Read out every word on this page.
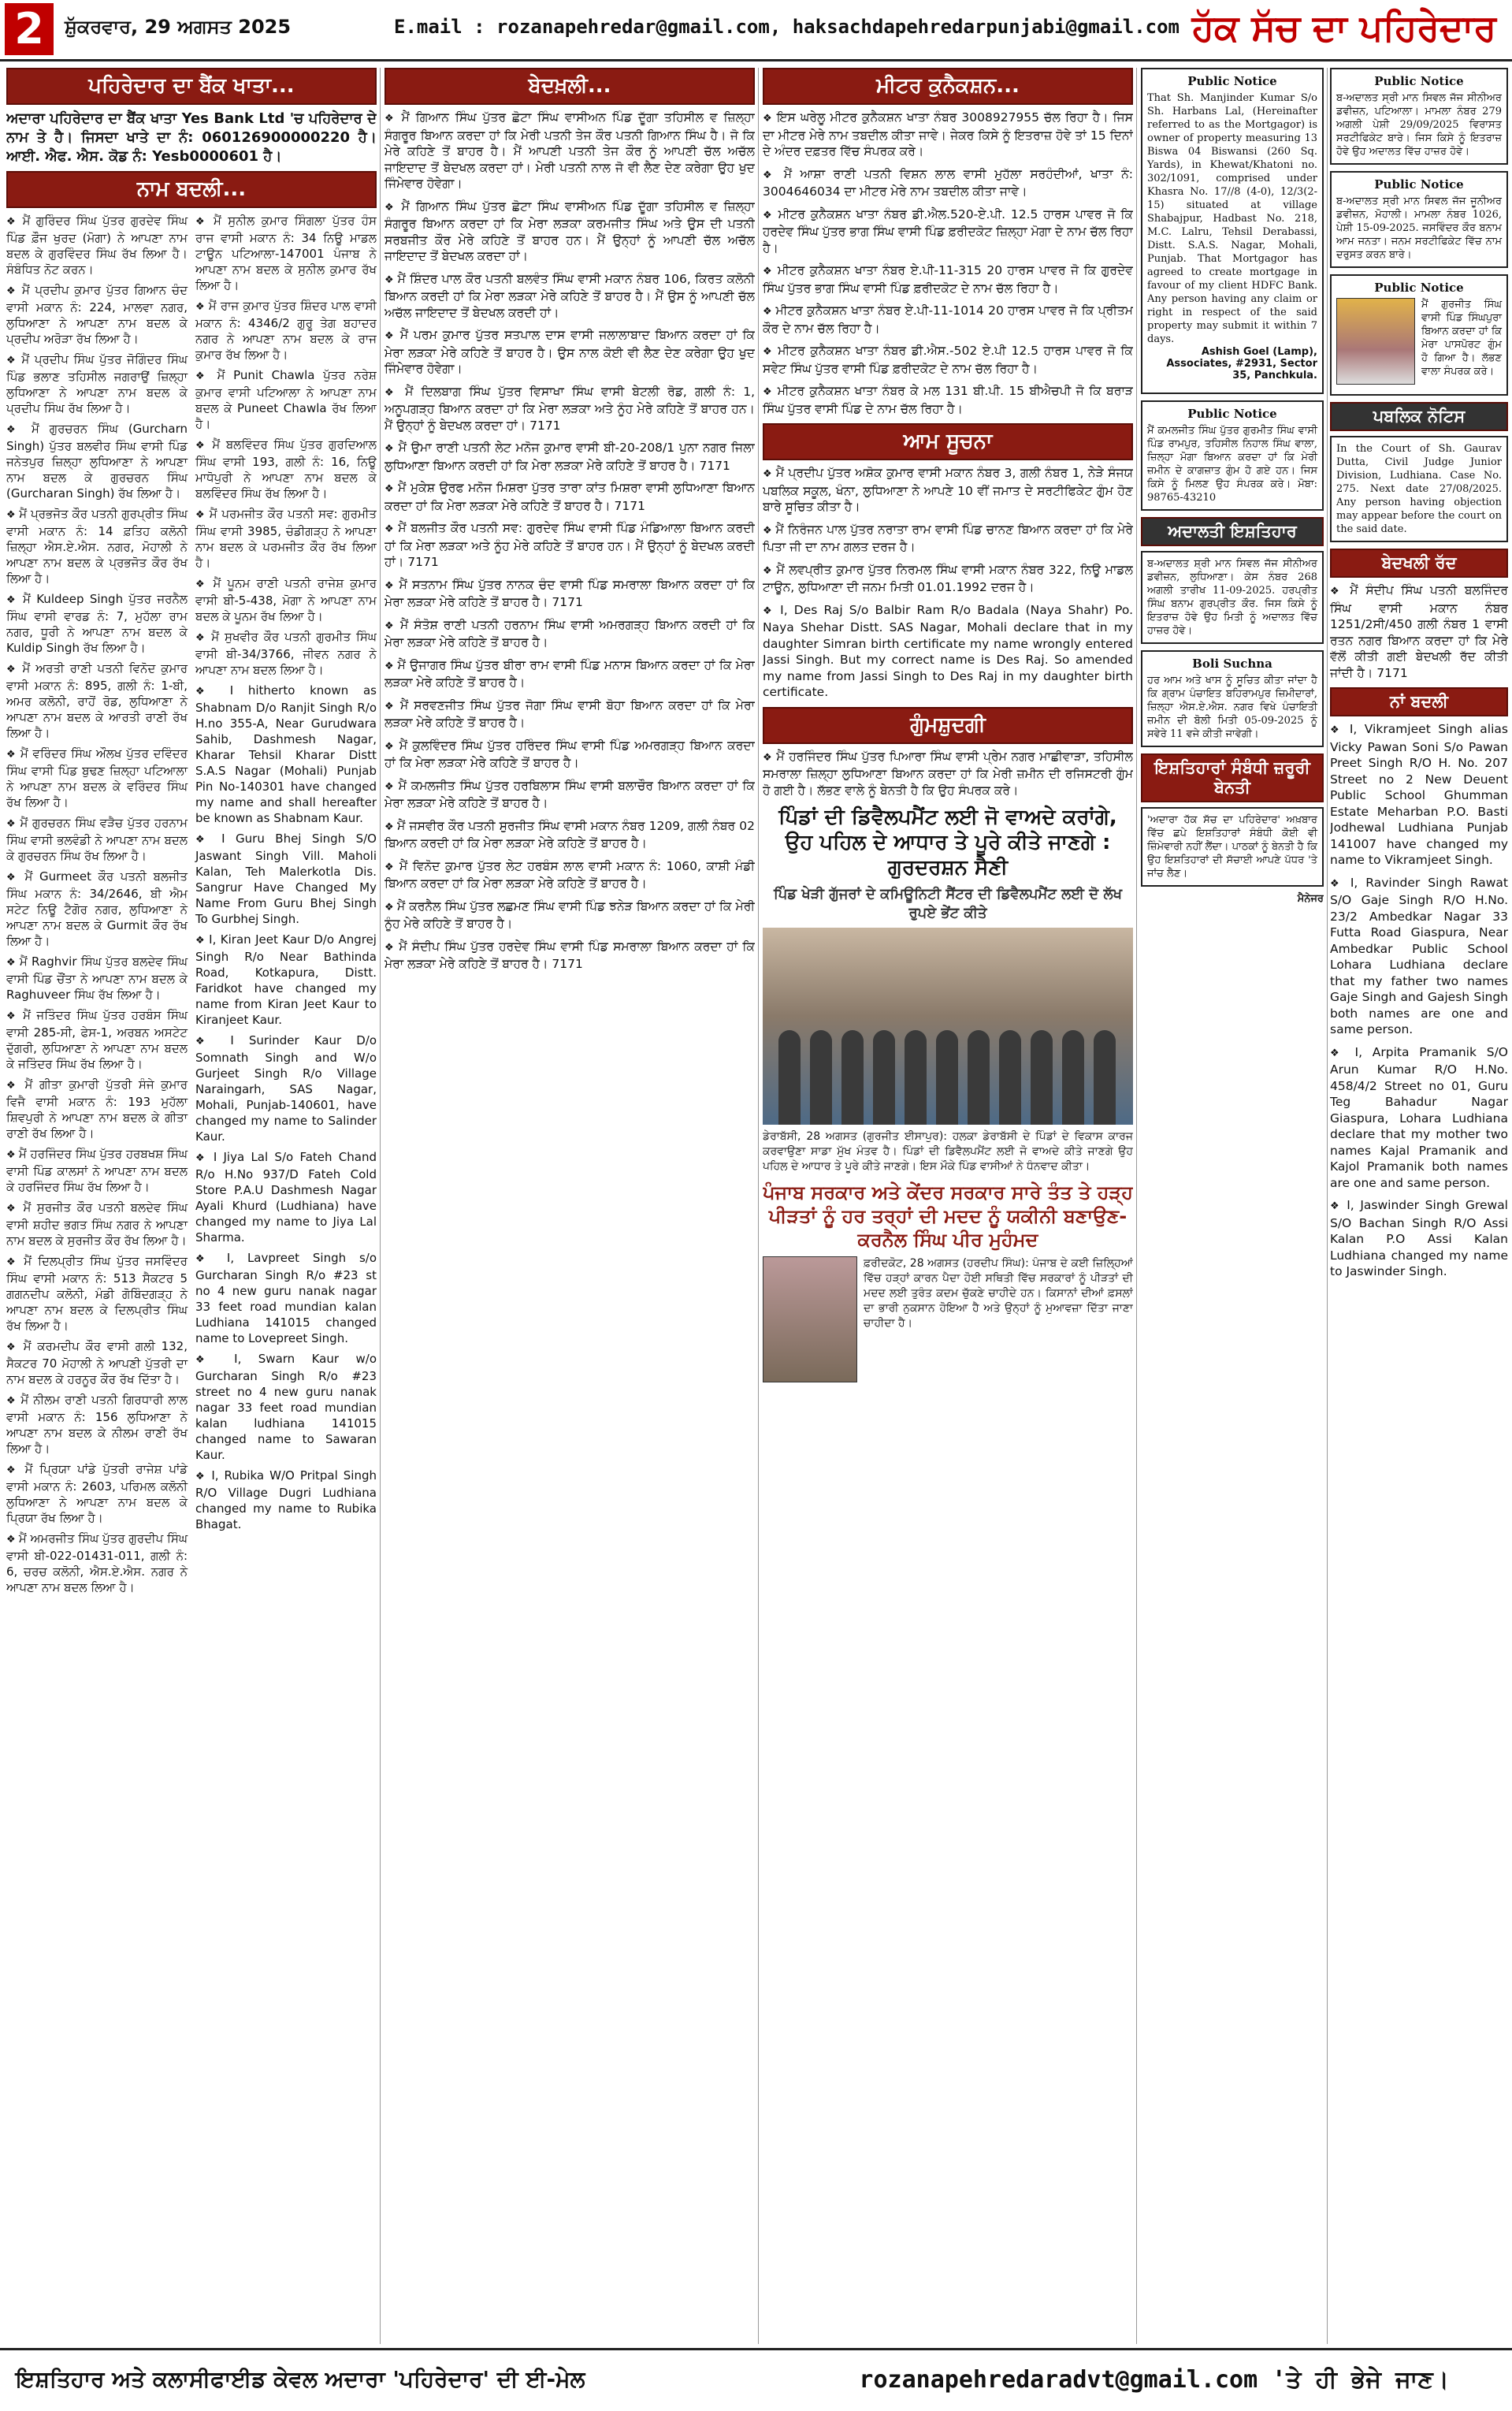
2	ਸ਼ੁੱਕਰਵਾਰ, 29 ਅਗਸਤ 2025	E.mail : rozanapehredar@gmail.com, haksachdapehredarpunjabi@gmail.com ਹੱਕ ਸੱਚ ਦਾ ਪਹਿਰੇਦਾਰ
ਪਹਿਰੇਦਾਰ ਦਾ ਬੈਂਕ ਖਾਤਾ...

ਅਦਾਰਾ ਪਹਿਰੇਦਾਰ ਦਾ ਬੈਂਕ ਖਾਤਾ Yes Bank Ltd 'ਚ ਪਹਿਰੇਦਾਰ ਦੇ ਨਾਮ ਤੇ ਹੈ। ਜਿਸਦਾ ਖਾਤੇ ਦਾ ਨੰ: 060126900000220 ਹੈ। ਆਈ. ਐਫ. ਐਸ. ਕੋਡ ਨੰ: Yesb0000601 ਹੈ।

ਨਾਮ ਬਦਲੀ...

❖ ਮੈਂ ਗੁਰਿੰਦਰ ਸਿੰਘ ਪੁੱਤਰ ਗੁਰਦੇਵ ਸਿੰਘ ਪਿੰਡ ਫ਼ੌਜ ਖੁਰਦ (ਮੋਗਾ) ਨੇ ਆਪਣਾ ਨਾਮ ਬਦਲ ਕੇ ਗੁਰਵਿੰਦਰ ਸਿੰਘ ਰੱਖ ਲਿਆ ਹੈ। ਸੰਬੰਧਿਤ ਨੋਟ ਕਰਨ।

❖ ਮੈਂ ਪ੍ਰਦੀਪ ਕੁਮਾਰ ਪੁੱਤਰ ਗਿਆਨ ਚੰਦ ਵਾਸੀ ਮਕਾਨ ਨੰ: 224, ਮਾਲਵਾ ਨਗਰ, ਲੁਧਿਆਣਾ ਨੇ ਆਪਣਾ ਨਾਮ ਬਦਲ ਕੇ ਪ੍ਰਦੀਪ ਅਰੋੜਾ ਰੱਖ ਲਿਆ ਹੈ।

❖ ਮੈਂ ਪ੍ਰਦੀਪ ਸਿੰਘ ਪੁੱਤਰ ਜੋਗਿੰਦਰ ਸਿੰਘ ਪਿੰਡ ਭਲਾਣ ਤਹਿਸੀਲ ਜਗਰਾਉਂ ਜ਼ਿਲ੍ਹਾ ਲੁਧਿਆਣਾ ਨੇ ਆਪਣਾ ਨਾਮ ਬਦਲ ਕੇ ਪ੍ਰਦੀਪ ਸਿੰਘ ਰੱਖ ਲਿਆ ਹੈ।

❖ ਮੈਂ ਗੁਰਚਰਨ ਸਿੰਘ (Gurcharn Singh) ਪੁੱਤਰ ਬਲਵੀਰ ਸਿੰਘ ਵਾਸੀ ਪਿੰਡ ਜਨੇਤਪੁਰ ਜ਼ਿਲ੍ਹਾ ਲੁਧਿਆਣਾ ਨੇ ਆਪਣਾ ਨਾਮ ਬਦਲ ਕੇ ਗੁਰਚਰਨ ਸਿੰਘ (Gurcharan Singh) ਰੱਖ ਲਿਆ ਹੈ।

❖ ਮੈਂ ਪ੍ਰਭਜੋਤ ਕੌਰ ਪਤਨੀ ਗੁਰਪ੍ਰੀਤ ਸਿੰਘ ਵਾਸੀ ਮਕਾਨ ਨੰ: 14 ਫ਼ਤਿਹ ਕਲੋਨੀ ਜ਼ਿਲ੍ਹਾ ਐਸ.ਏ.ਐਸ. ਨਗਰ, ਮੋਹਾਲੀ ਨੇ ਆਪਣਾ ਨਾਮ ਬਦਲ ਕੇ ਪ੍ਰਭਜੋਤ ਕੌਰ ਰੱਖ ਲਿਆ ਹੈ।

❖ ਮੈਂ Kuldeep Singh ਪੁੱਤਰ ਜਰਨੈਲ ਸਿੰਘ ਵਾਸੀ ਵਾਰਡ ਨੰ: 7, ਮੁਹੱਲਾ ਰਾਮ ਨਗਰ, ਧੂਰੀ ਨੇ ਆਪਣਾ ਨਾਮ ਬਦਲ ਕੇ Kuldip Singh ਰੱਖ ਲਿਆ ਹੈ।

❖ ਮੈਂ ਅਰਤੀ ਰਾਣੀ ਪਤਨੀ ਵਿਨੋਦ ਕੁਮਾਰ ਵਾਸੀ ਮਕਾਨ ਨੰ: 895, ਗਲੀ ਨੰ: 1-ਬੀ, ਅਮਰ ਕਲੋਨੀ, ਰਾਹੋਂ ਰੋਡ, ਲੁਧਿਆਣਾ ਨੇ ਆਪਣਾ ਨਾਮ ਬਦਲ ਕੇ ਆਰਤੀ ਰਾਣੀ ਰੱਖ ਲਿਆ ਹੈ।

❖ ਮੈਂ ਵਰਿੰਦਰ ਸਿੰਘ ਔਲਖ ਪੁੱਤਰ ਦਵਿੰਦਰ ਸਿੰਘ ਵਾਸੀ ਪਿੰਡ ਬੁਢਣ ਜ਼ਿਲ੍ਹਾ ਪਟਿਆਲਾ ਨੇ ਆਪਣਾ ਨਾਮ ਬਦਲ ਕੇ ਵਰਿੰਦਰ ਸਿੰਘ ਰੱਖ ਲਿਆ ਹੈ।

❖ ਮੈਂ ਗੁਰਚਰਨ ਸਿੰਘ ਵੜੈਚ ਪੁੱਤਰ ਹਰਨਾਮ ਸਿੰਘ ਵਾਸੀ ਭਲਵੰਡੀ ਨੇ ਆਪਣਾ ਨਾਮ ਬਦਲ ਕੇ ਗੁਰਚਰਨ ਸਿੰਘ ਰੱਖ ਲਿਆ ਹੈ।

❖ ਮੈਂ Gurmeet ਕੌਰ ਪਤਨੀ ਬਲਜੀਤ ਸਿੰਘ ਮਕਾਨ ਨੰ: 34/2646, ਬੀ ਐਮ ਸਟੇਟ ਨਿਊ ਟੈਗੋਰ ਨਗਰ, ਲੁਧਿਆਣਾ ਨੇ ਆਪਣਾ ਨਾਮ ਬਦਲ ਕੇ Gurmit ਕੌਰ ਰੱਖ ਲਿਆ ਹੈ।

❖ ਮੈਂ Raghvir ਸਿੰਘ ਪੁੱਤਰ ਬਲਦੇਵ ਸਿੰਘ ਵਾਸੀ ਪਿੰਡ ਚੌਂਤਾ ਨੇ ਆਪਣਾ ਨਾਮ ਬਦਲ ਕੇ Raghuveer ਸਿੰਘ ਰੱਖ ਲਿਆ ਹੈ।

❖ ਮੈਂ ਜਤਿੰਦਰ ਸਿੰਘ ਪੁੱਤਰ ਹਰਬੰਸ ਸਿੰਘ ਵਾਸੀ 285-ਸੀ, ਫੇਸ-1, ਅਰਬਨ ਅਸਟੇਟ ਦੁੱਗਰੀ, ਲੁਧਿਆਣਾ ਨੇ ਆਪਣਾ ਨਾਮ ਬਦਲ ਕੇ ਜਤਿੰਦਰ ਸਿੰਘ ਰੱਖ ਲਿਆ ਹੈ।

❖ ਮੈਂ ਗੀਤਾ ਕੁਮਾਰੀ ਪੁੱਤਰੀ ਸੰਜੇ ਕੁਮਾਰ ਵਿਜੈ ਵਾਸੀ ਮਕਾਨ ਨੰ: 193 ਮੁਹੱਲਾ ਸ਼ਿਵਪੁਰੀ ਨੇ ਆਪਣਾ ਨਾਮ ਬਦਲ ਕੇ ਗੀਤਾ ਰਾਣੀ ਰੱਖ ਲਿਆ ਹੈ।

❖ ਮੈਂ ਹਰਜਿੰਦਰ ਸਿੰਘ ਪੁੱਤਰ ਹਰਬਖਸ਼ ਸਿੰਘ ਵਾਸੀ ਪਿੰਡ ਕਾਲਸਾਂ ਨੇ ਆਪਣਾ ਨਾਮ ਬਦਲ ਕੇ ਹਰਜਿੰਦਰ ਸਿੰਘ ਰੱਖ ਲਿਆ ਹੈ।

❖ ਮੈਂ ਸੁਰਜੀਤ ਕੌਰ ਪਤਨੀ ਬਲਦੇਵ ਸਿੰਘ ਵਾਸੀ ਸ਼ਹੀਦ ਭਗਤ ਸਿੰਘ ਨਗਰ ਨੇ ਆਪਣਾ ਨਾਮ ਬਦਲ ਕੇ ਸੁਰਜੀਤ ਕੌਰ ਰੱਖ ਲਿਆ ਹੈ।

❖ ਮੈਂ ਦਿਲਪ੍ਰੀਤ ਸਿੰਘ ਪੁੱਤਰ ਜਸਵਿੰਦਰ ਸਿੰਘ ਵਾਸੀ ਮਕਾਨ ਨੰ: 513 ਸੈਕਟਰ 5 ਗਗਨਦੀਪ ਕਲੋਨੀ, ਮੰਡੀ ਗੋਬਿੰਦਗੜ੍ਹ ਨੇ ਆਪਣਾ ਨਾਮ ਬਦਲ ਕੇ ਦਿਲਪ੍ਰੀਤ ਸਿੰਘ ਰੱਖ ਲਿਆ ਹੈ।

❖ ਮੈਂ ਕਰਮਦੀਪ ਕੌਰ ਵਾਸੀ ਗਲੀ 132, ਸੈਕਟਰ 70 ਮੋਹਾਲੀ ਨੇ ਆਪਣੀ ਪੁੱਤਰੀ ਦਾ ਨਾਮ ਬਦਲ ਕੇ ਹਰਨੂਰ ਕੌਰ ਰੱਖ ਦਿੱਤਾ ਹੈ।

❖ ਮੈਂ ਨੀਲਮ ਰਾਣੀ ਪਤਨੀ ਗਿਰਧਾਰੀ ਲਾਲ ਵਾਸੀ ਮਕਾਨ ਨੰ: 156 ਲੁਧਿਆਣਾ ਨੇ ਆਪਣਾ ਨਾਮ ਬਦਲ ਕੇ ਨੀਲਮ ਰਾਣੀ ਰੱਖ ਲਿਆ ਹੈ।

❖ ਮੈਂ ਪ੍ਰਿਯਾ ਪਾਂਡੇ ਪੁੱਤਰੀ ਰਾਜੇਸ਼ ਪਾਂਡੇ ਵਾਸੀ ਮਕਾਨ ਨੰ: 2603, ਪਰਿਮਲ ਕਲੋਨੀ ਲੁਧਿਆਣਾ ਨੇ ਆਪਣਾ ਨਾਮ ਬਦਲ ਕੇ ਪ੍ਰਿਯਾ ਰੱਖ ਲਿਆ ਹੈ।

❖ ਮੈਂ ਅਮਰਜੀਤ ਸਿੰਘ ਪੁੱਤਰ ਗੁਰਦੀਪ ਸਿੰਘ ਵਾਸੀ ਬੀ-022-01431-011, ਗਲੀ ਨੰ: 6, ਚਰਚ ਕਲੋਨੀ, ਐਸ.ਏ.ਐਸ. ਨਗਰ ਨੇ ਆਪਣਾ ਨਾਮ ਬਦਲ ਲਿਆ ਹੈ।

❖ ਮੈਂ ਸੁਨੀਲ ਕੁਮਾਰ ਸਿੰਗਲਾ ਪੁੱਤਰ ਹੰਸ ਰਾਜ ਵਾਸੀ ਮਕਾਨ ਨੰ: 34 ਨਿਊ ਮਾਡਲ ਟਾਊਨ ਪਟਿਆਲਾ-147001 ਪੰਜਾਬ ਨੇ ਆਪਣਾ ਨਾਮ ਬਦਲ ਕੇ ਸੁਨੀਲ ਕੁਮਾਰ ਰੱਖ ਲਿਆ ਹੈ।

❖ ਮੈਂ ਰਾਜ ਕੁਮਾਰ ਪੁੱਤਰ ਸ਼ਿੰਦਰ ਪਾਲ ਵਾਸੀ ਮਕਾਨ ਨੰ: 4346/2 ਗੁਰੂ ਤੇਗ ਬਹਾਦਰ ਨਗਰ ਨੇ ਆਪਣਾ ਨਾਮ ਬਦਲ ਕੇ ਰਾਜ ਕੁਮਾਰ ਰੱਖ ਲਿਆ ਹੈ।

❖ ਮੈਂ Punit Chawla ਪੁੱਤਰ ਨਰੇਸ਼ ਕੁਮਾਰ ਵਾਸੀ ਪਟਿਆਲਾ ਨੇ ਆਪਣਾ ਨਾਮ ਬਦਲ ਕੇ Puneet Chawla ਰੱਖ ਲਿਆ ਹੈ।

❖ ਮੈਂ ਬਲਵਿੰਦਰ ਸਿੰਘ ਪੁੱਤਰ ਗੁਰਦਿਆਲ ਸਿੰਘ ਵਾਸੀ 193, ਗਲੀ ਨੰ: 16, ਨਿਊ ਮਾਧੋਪੁਰੀ ਨੇ ਆਪਣਾ ਨਾਮ ਬਦਲ ਕੇ ਬਲਵਿੰਦਰ ਸਿੰਘ ਰੱਖ ਲਿਆ ਹੈ।

❖ ਮੈਂ ਪਰਮਜੀਤ ਕੌਰ ਪਤਨੀ ਸਵ: ਗੁਰਮੀਤ ਸਿੰਘ ਵਾਸੀ 3985, ਚੰਡੀਗੜ੍ਹ ਨੇ ਆਪਣਾ ਨਾਮ ਬਦਲ ਕੇ ਪਰਮਜੀਤ ਕੌਰ ਰੱਖ ਲਿਆ ਹੈ।

❖ ਮੈਂ ਪੂਨਮ ਰਾਣੀ ਪਤਨੀ ਰਾਜੇਸ਼ ਕੁਮਾਰ ਵਾਸੀ ਬੀ-5-438, ਮੋਗਾ ਨੇ ਆਪਣਾ ਨਾਮ ਬਦਲ ਕੇ ਪੂਨਮ ਰੱਖ ਲਿਆ ਹੈ।

❖ ਮੈਂ ਸੁਖਵੀਰ ਕੌਰ ਪਤਨੀ ਗੁਰਮੀਤ ਸਿੰਘ ਵਾਸੀ ਬੀ-34/3766, ਜੀਵਨ ਨਗਰ ਨੇ ਆਪਣਾ ਨਾਮ ਬਦਲ ਲਿਆ ਹੈ।

❖ I hitherto known as Shabnam D/o Ranjit Singh R/o H.no 355-A, Near Gurudwara Sahib, Dashmesh Nagar, Kharar Tehsil Kharar Distt S.A.S Nagar (Mohali) Punjab Pin No-140301 have changed my name and shall hereafter be known as Shabnam Kaur.

❖ I Guru Bhej Singh S/O Jaswant Singh Vill. Maholi Kalan, Teh Malerkotla Dis. Sangrur Have Changed My Name From Guru Bhej Singh To Gurbhej Singh.

❖ I, Kiran Jeet Kaur D/o Angrej Singh R/o Near Bathinda Road, Kotkapura, Distt. Faridkot have changed my name from Kiran Jeet Kaur to Kiranjeet Kaur.

❖ I Surinder Kaur D/o Somnath Singh and W/o Gurjeet Singh R/o Village Naraingarh, SAS Nagar, Mohali, Punjab-140601, have changed my name to Salinder Kaur.

❖ I Jiya Lal S/o Fateh Chand R/o H.No 937/D Fateh Cold Store P.A.U Dashmesh Nagar Ayali Khurd (Ludhiana) have changed my name to Jiya Lal Sharma.

❖ I, Lavpreet Singh s/o Gurcharan Singh R/o #23 st no 4 new guru nanak nagar 33 feet road mundian kalan Ludhiana 141015 changed name to Lovepreet Singh.

❖ I, Swarn Kaur w/o Gurcharan Singh R/o #23 street no 4 new guru nanak nagar 33 feet road mundian kalan ludhiana 141015 changed name to Sawaran Kaur.

❖ I, Rubika W/O Pritpal Singh R/O Village Dugri Ludhiana changed my name to Rubika Bhagat.

ਬੇਦਖ਼ਲੀ...

❖ ਮੈਂ ਗਿਆਨ ਸਿੰਘ ਪੁੱਤਰ ਛੋਟਾ ਸਿੰਘ ਵਾਸੀਅਨ ਪਿੰਡ ਦੂੱਗਾ ਤਹਿਸੀਲ ਵ ਜ਼ਿਲ੍ਹਾ ਸੰਗਰੂਰ ਬਿਆਨ ਕਰਦਾ ਹਾਂ ਕਿ ਮੇਰੀ ਪਤਨੀ ਤੇਜ ਕੌਰ ਪਤਨੀ ਗਿਆਨ ਸਿੰਘ ਹੈ। ਜੋ ਕਿ ਮੇਰੇ ਕਹਿਣੇ ਤੋਂ ਬਾਹਰ ਹੈ। ਮੈਂ ਆਪਣੀ ਪਤਨੀ ਤੇਜ ਕੌਰ ਨੂੰ ਆਪਣੀ ਚੱਲ ਅਚੱਲ ਜਾਇਦਾਦ ਤੋਂ ਬੇਦਖਲ ਕਰਦਾ ਹਾਂ। ਮੇਰੀ ਪਤਨੀ ਨਾਲ ਜੋ ਵੀ ਲੈਣ ਦੇਣ ਕਰੇਗਾ ਉਹ ਖੁਦ ਜਿੰਮੇਵਾਰ ਹੋਵੇਗਾ।

❖ ਮੈਂ ਗਿਆਨ ਸਿੰਘ ਪੁੱਤਰ ਛੋਟਾ ਸਿੰਘ ਵਾਸੀਅਨ ਪਿੰਡ ਦੂੱਗਾ ਤਹਿਸੀਲ ਵ ਜ਼ਿਲ੍ਹਾ ਸੰਗਰੂਰ ਬਿਆਨ ਕਰਦਾ ਹਾਂ ਕਿ ਮੇਰਾ ਲੜਕਾ ਕਰਮਜੀਤ ਸਿੰਘ ਅਤੇ ਉਸ ਦੀ ਪਤਨੀ ਸਰਬਜੀਤ ਕੌਰ ਮੇਰੇ ਕਹਿਣੇ ਤੋਂ ਬਾਹਰ ਹਨ। ਮੈਂ ਉਨ੍ਹਾਂ ਨੂੰ ਆਪਣੀ ਚੱਲ ਅਚੱਲ ਜਾਇਦਾਦ ਤੋਂ ਬੇਦਖਲ ਕਰਦਾ ਹਾਂ।

❖ ਮੈਂ ਸ਼ਿੰਦਰ ਪਾਲ ਕੌਰ ਪਤਨੀ ਬਲਵੰਤ ਸਿੰਘ ਵਾਸੀ ਮਕਾਨ ਨੰਬਰ 106, ਕਿਰਤ ਕਲੋਨੀ ਬਿਆਨ ਕਰਦੀ ਹਾਂ ਕਿ ਮੇਰਾ ਲੜਕਾ ਮੇਰੇ ਕਹਿਣੇ ਤੋਂ ਬਾਹਰ ਹੈ। ਮੈਂ ਉਸ ਨੂੰ ਆਪਣੀ ਚੱਲ ਅਚੱਲ ਜਾਇਦਾਦ ਤੋਂ ਬੇਦਖਲ ਕਰਦੀ ਹਾਂ।

❖ ਮੈਂ ਪਰਮ ਕੁਮਾਰ ਪੁੱਤਰ ਸਤਪਾਲ ਦਾਸ ਵਾਸੀ ਜਲਾਲਾਬਾਦ ਬਿਆਨ ਕਰਦਾ ਹਾਂ ਕਿ ਮੇਰਾ ਲੜਕਾ ਮੇਰੇ ਕਹਿਣੇ ਤੋਂ ਬਾਹਰ ਹੈ। ਉਸ ਨਾਲ ਕੋਈ ਵੀ ਲੈਣ ਦੇਣ ਕਰੇਗਾ ਉਹ ਖੁਦ ਜਿੰਮੇਵਾਰ ਹੋਵੇਗਾ।

❖ ਮੈਂ ਦਿਲਬਾਗ ਸਿੰਘ ਪੁੱਤਰ ਵਿਸਾਖਾ ਸਿੰਘ ਵਾਸੀ ਬੇਟਲੀ ਰੋਡ, ਗਲੀ ਨੰ: 1, ਅਨੂਪਗੜ੍ਹ ਬਿਆਨ ਕਰਦਾ ਹਾਂ ਕਿ ਮੇਰਾ ਲੜਕਾ ਅਤੇ ਨੂੰਹ ਮੇਰੇ ਕਹਿਣੇ ਤੋਂ ਬਾਹਰ ਹਨ। ਮੈਂ ਉਨ੍ਹਾਂ ਨੂੰ ਬੇਦਖਲ ਕਰਦਾ ਹਾਂ। 7171

❖ ਮੈਂ ਉਮਾ ਰਾਣੀ ਪਤਨੀ ਲੇਟ ਮਨੋਜ ਕੁਮਾਰ ਵਾਸੀ ਬੀ-20-208/1 ਪੁਨਾ ਨਗਰ ਜਿਲਾ ਲੁਧਿਆਣਾ ਬਿਆਨ ਕਰਦੀ ਹਾਂ ਕਿ ਮੇਰਾ ਲੜਕਾ ਮੇਰੇ ਕਹਿਣੇ ਤੋਂ ਬਾਹਰ ਹੈ। 7171

❖ ਮੈਂ ਮੁਕੇਸ਼ ਉਰਫ ਮਨੋਜ ਮਿਸ਼ਰਾ ਪੁੱਤਰ ਤਾਰਾ ਕਾਂਤ ਮਿਸ਼ਰਾ ਵਾਸੀ ਲੁਧਿਆਣਾ ਬਿਆਨ ਕਰਦਾ ਹਾਂ ਕਿ ਮੇਰਾ ਲੜਕਾ ਮੇਰੇ ਕਹਿਣੇ ਤੋਂ ਬਾਹਰ ਹੈ। 7171

❖ ਮੈਂ ਬਲਜੀਤ ਕੌਰ ਪਤਨੀ ਸਵ: ਗੁਰਦੇਵ ਸਿੰਘ ਵਾਸੀ ਪਿੰਡ ਮੰਡਿਆਲਾ ਬਿਆਨ ਕਰਦੀ ਹਾਂ ਕਿ ਮੇਰਾ ਲੜਕਾ ਅਤੇ ਨੂੰਹ ਮੇਰੇ ਕਹਿਣੇ ਤੋਂ ਬਾਹਰ ਹਨ। ਮੈਂ ਉਨ੍ਹਾਂ ਨੂੰ ਬੇਦਖਲ ਕਰਦੀ ਹਾਂ। 7171

❖ ਮੈਂ ਸਤਨਾਮ ਸਿੰਘ ਪੁੱਤਰ ਨਾਨਕ ਚੰਦ ਵਾਸੀ ਪਿੰਡ ਸਮਰਾਲਾ ਬਿਆਨ ਕਰਦਾ ਹਾਂ ਕਿ ਮੇਰਾ ਲੜਕਾ ਮੇਰੇ ਕਹਿਣੇ ਤੋਂ ਬਾਹਰ ਹੈ। 7171

❖ ਮੈਂ ਸੰਤੋਸ਼ ਰਾਣੀ ਪਤਨੀ ਹਰਨਾਮ ਸਿੰਘ ਵਾਸੀ ਅਮਰਗੜ੍ਹ ਬਿਆਨ ਕਰਦੀ ਹਾਂ ਕਿ ਮੇਰਾ ਲੜਕਾ ਮੇਰੇ ਕਹਿਣੇ ਤੋਂ ਬਾਹਰ ਹੈ।

❖ ਮੈਂ ਉਜਾਗਰ ਸਿੰਘ ਪੁੱਤਰ ਬੀਰਾ ਰਾਮ ਵਾਸੀ ਪਿੰਡ ਮਨਾਸ ਬਿਆਨ ਕਰਦਾ ਹਾਂ ਕਿ ਮੇਰਾ ਲੜਕਾ ਮੇਰੇ ਕਹਿਣੇ ਤੋਂ ਬਾਹਰ ਹੈ।

❖ ਮੈਂ ਸਰਵਣਜੀਤ ਸਿੰਘ ਪੁੱਤਰ ਜੋਗਾ ਸਿੰਘ ਵਾਸੀ ਬੋਹਾ ਬਿਆਨ ਕਰਦਾ ਹਾਂ ਕਿ ਮੇਰਾ ਲੜਕਾ ਮੇਰੇ ਕਹਿਣੇ ਤੋਂ ਬਾਹਰ ਹੈ।

❖ ਮੈਂ ਕੁਲਵਿੰਦਰ ਸਿੰਘ ਪੁੱਤਰ ਹਰਿੰਦਰ ਸਿੰਘ ਵਾਸੀ ਪਿੰਡ ਅਮਰਗੜ੍ਹ ਬਿਆਨ ਕਰਦਾ ਹਾਂ ਕਿ ਮੇਰਾ ਲੜਕਾ ਮੇਰੇ ਕਹਿਣੇ ਤੋਂ ਬਾਹਰ ਹੈ।

❖ ਮੈਂ ਕਮਲਜੀਤ ਸਿੰਘ ਪੁੱਤਰ ਹਰਬਿਲਾਸ ਸਿੰਘ ਵਾਸੀ ਬਲਾਚੌਰ ਬਿਆਨ ਕਰਦਾ ਹਾਂ ਕਿ ਮੇਰਾ ਲੜਕਾ ਮੇਰੇ ਕਹਿਣੇ ਤੋਂ ਬਾਹਰ ਹੈ।

❖ ਮੈਂ ਜਸਵੀਰ ਕੌਰ ਪਤਨੀ ਸੁਰਜੀਤ ਸਿੰਘ ਵਾਸੀ ਮਕਾਨ ਨੰਬਰ 1209, ਗਲੀ ਨੰਬਰ 02 ਬਿਆਨ ਕਰਦੀ ਹਾਂ ਕਿ ਮੇਰਾ ਲੜਕਾ ਮੇਰੇ ਕਹਿਣੇ ਤੋਂ ਬਾਹਰ ਹੈ।

❖ ਮੈਂ ਵਿਨੋਦ ਕੁਮਾਰ ਪੁੱਤਰ ਲੇਟ ਹਰਬੰਸ ਲਾਲ ਵਾਸੀ ਮਕਾਨ ਨੰ: 1060, ਕਾਸ਼ੀ ਮੰਡੀ ਬਿਆਨ ਕਰਦਾ ਹਾਂ ਕਿ ਮੇਰਾ ਲੜਕਾ ਮੇਰੇ ਕਹਿਣੇ ਤੋਂ ਬਾਹਰ ਹੈ।

❖ ਮੈਂ ਕਰਨੈਲ ਸਿੰਘ ਪੁੱਤਰ ਲਛਮਣ ਸਿੰਘ ਵਾਸੀ ਪਿੰਡ ਝਨੇੜ ਬਿਆਨ ਕਰਦਾ ਹਾਂ ਕਿ ਮੇਰੀ ਨੂੰਹ ਮੇਰੇ ਕਹਿਣੇ ਤੋਂ ਬਾਹਰ ਹੈ।

❖ ਮੈਂ ਸੰਦੀਪ ਸਿੰਘ ਪੁੱਤਰ ਹਰਦੇਵ ਸਿੰਘ ਵਾਸੀ ਪਿੰਡ ਸਮਰਾਲਾ ਬਿਆਨ ਕਰਦਾ ਹਾਂ ਕਿ ਮੇਰਾ ਲੜਕਾ ਮੇਰੇ ਕਹਿਣੇ ਤੋਂ ਬਾਹਰ ਹੈ। 7171

ਮੀਟਰ ਕੁਨੈਕਸ਼ਨ...

❖ ਇਸ ਘਰੇਲੂ ਮੀਟਰ ਕੁਨੈਕਸ਼ਨ ਖਾਤਾ ਨੰਬਰ 3008927955 ਚੱਲ ਰਿਹਾ ਹੈ। ਜਿਸ ਦਾ ਮੀਟਰ ਮੇਰੇ ਨਾਮ ਤਬਦੀਲ ਕੀਤਾ ਜਾਵੇ। ਜੇਕਰ ਕਿਸੇ ਨੂੰ ਇਤਰਾਜ਼ ਹੋਵੇ ਤਾਂ 15 ਦਿਨਾਂ ਦੇ ਅੰਦਰ ਦਫ਼ਤਰ ਵਿੱਚ ਸੰਪਰਕ ਕਰੇ।

❖ ਮੈਂ ਆਸ਼ਾ ਰਾਣੀ ਪਤਨੀ ਵਿਸ਼ਨ ਲਾਲ ਵਾਸੀ ਮੁਹੱਲਾ ਸਰਹੰਦੀਆਂ, ਖਾਤਾ ਨੰ: 3004646034 ਦਾ ਮੀਟਰ ਮੇਰੇ ਨਾਮ ਤਬਦੀਲ ਕੀਤਾ ਜਾਵੇ।

❖ ਮੀਟਰ ਕੁਨੈਕਸ਼ਨ ਖਾਤਾ ਨੰਬਰ ਡੀ.ਐਲ.520-ਏ.ਪੀ. 12.5 ਹਾਰਸ ਪਾਵਰ ਜੋ ਕਿ ਹਰਦੇਵ ਸਿੰਘ ਪੁੱਤਰ ਭਾਗ ਸਿੰਘ ਵਾਸੀ ਪਿੰਡ ਫ਼ਰੀਦਕੋਟ ਜ਼ਿਲ੍ਹਾ ਮੋਗਾ ਦੇ ਨਾਮ ਚੱਲ ਰਿਹਾ ਹੈ।

❖ ਮੀਟਰ ਕੁਨੈਕਸ਼ਨ ਖਾਤਾ ਨੰਬਰ ਏ.ਪੀ-11-315 20 ਹਾਰਸ ਪਾਵਰ ਜੋ ਕਿ ਗੁਰਦੇਵ ਸਿੰਘ ਪੁੱਤਰ ਭਾਗ ਸਿੰਘ ਵਾਸੀ ਪਿੰਡ ਫ਼ਰੀਦਕੋਟ ਦੇ ਨਾਮ ਚੱਲ ਰਿਹਾ ਹੈ।

❖ ਮੀਟਰ ਕੁਨੈਕਸ਼ਨ ਖਾਤਾ ਨੰਬਰ ਏ.ਪੀ-11-1014 20 ਹਾਰਸ ਪਾਵਰ ਜੋ ਕਿ ਪ੍ਰੀਤਮ ਕੌਰ ਦੇ ਨਾਮ ਚੱਲ ਰਿਹਾ ਹੈ।

❖ ਮੀਟਰ ਕੁਨੈਕਸ਼ਨ ਖਾਤਾ ਨੰਬਰ ਡੀ.ਐਸ.-502 ਏ.ਪੀ 12.5 ਹਾਰਸ ਪਾਵਰ ਜੋ ਕਿ ਸਵੇਟ ਸਿੰਘ ਪੁੱਤਰ ਵਾਸੀ ਪਿੰਡ ਫ਼ਰੀਦਕੋਟ ਦੇ ਨਾਮ ਚੱਲ ਰਿਹਾ ਹੈ।

❖ ਮੀਟਰ ਕੁਨੈਕਸ਼ਨ ਖਾਤਾ ਨੰਬਰ ਕੇ ਮਲ 131 ਬੀ.ਪੀ. 15 ਬੀਐਚਪੀ ਜੋ ਕਿ ਬਰਾੜ ਸਿੰਘ ਪੁੱਤਰ ਵਾਸੀ ਪਿੰਡ ਦੇ ਨਾਮ ਚੱਲ ਰਿਹਾ ਹੈ।

ਆਮ ਸੂਚਨਾ

❖ ਮੈਂ ਪ੍ਰਦੀਪ ਪੁੱਤਰ ਅਸ਼ੋਕ ਕੁਮਾਰ ਵਾਸੀ ਮਕਾਨ ਨੰਬਰ 3, ਗਲੀ ਨੰਬਰ 1, ਨੇੜੇ ਸੰਜਯ ਪਬਲਿਕ ਸਕੂਲ, ਖੰਨਾ, ਲੁਧਿਆਣਾ ਨੇ ਆਪਣੇ 10 ਵੀਂ ਜਮਾਤ ਦੇ ਸਰਟੀਫਿਕੇਟ ਗੁੰਮ ਹੋਣ ਬਾਰੇ ਸੂਚਿਤ ਕੀਤਾ ਹੈ।

❖ ਮੈਂ ਨਿਰੰਜਨ ਪਾਲ ਪੁੱਤਰ ਨਰਾਤਾ ਰਾਮ ਵਾਸੀ ਪਿੰਡ ਚਾਨਣ ਬਿਆਨ ਕਰਦਾ ਹਾਂ ਕਿ ਮੇਰੇ ਪਿਤਾ ਜੀ ਦਾ ਨਾਮ ਗਲਤ ਦਰਜ ਹੈ।

❖ ਮੈਂ ਲਵਪ੍ਰੀਤ ਕੁਮਾਰ ਪੁੱਤਰ ਨਿਰਮਲ ਸਿੰਘ ਵਾਸੀ ਮਕਾਨ ਨੰਬਰ 322, ਨਿਊ ਮਾਡਲ ਟਾਊਨ, ਲੁਧਿਆਣਾ ਦੀ ਜਨਮ ਮਿਤੀ 01.01.1992 ਦਰਜ ਹੈ।

❖ I, Des Raj S/o Balbir Ram R/o Badala (Naya Shahr) Po. Naya Shehar Distt. SAS Nagar, Mohali declare that in my daughter Simran birth certificate my name wrongly entered Jassi Singh. But my correct name is Des Raj. So amended my name from Jassi Singh to Des Raj in my daughter birth certificate.

ਗੁੰਮਸ਼ੁਦਗੀ

❖ ਮੈਂ ਹਰਜਿੰਦਰ ਸਿੰਘ ਪੁੱਤਰ ਪਿਆਰਾ ਸਿੰਘ ਵਾਸੀ ਪ੍ਰੇਮ ਨਗਰ ਮਾਛੀਵਾੜਾ, ਤਹਿਸੀਲ ਸਮਰਾਲਾ ਜ਼ਿਲ੍ਹਾ ਲੁਧਿਆਣਾ ਬਿਆਨ ਕਰਦਾ ਹਾਂ ਕਿ ਮੇਰੀ ਜ਼ਮੀਨ ਦੀ ਰਜਿਸਟਰੀ ਗੁੰਮ ਹੋ ਗਈ ਹੈ। ਲੱਭਣ ਵਾਲੇ ਨੂੰ ਬੇਨਤੀ ਹੈ ਕਿ ਉਹ ਸੰਪਰਕ ਕਰੇ।

ਪਿੰਡਾਂ ਦੀ ਡਿਵੈਲਪਮੈਂਟ ਲਈ ਜੋ ਵਾਅਦੇ ਕਰਾਂਗੇ, ਉਹ ਪਹਿਲ ਦੇ ਆਧਾਰ ਤੇ ਪੂਰੇ ਕੀਤੇ ਜਾਣਗੇ : ਗੁਰਦਰਸ਼ਨ ਸੈਣੀ
ਪਿੰਡ ਖੇੜੀ ਗੁੱਜਰਾਂ ਦੇ ਕਮਿਊਨਿਟੀ ਸੈਂਟਰ ਦੀ ਡਿਵੈਲਪਮੈਂਟ ਲਈ ਦੋ ਲੱਖ ਰੁਪਏ ਭੇਂਟ ਕੀਤੇ

ਡੇਰਾਬੱਸੀ, 28 ਅਗਸਤ (ਗੁਰਜੀਤ ਈਸਾਪੁਰ): ਹਲਕਾ ਡੇਰਾਬੱਸੀ ਦੇ ਪਿੰਡਾਂ ਦੇ ਵਿਕਾਸ ਕਾਰਜ ਕਰਵਾਉਣਾ ਸਾਡਾ ਮੁੱਖ ਮੰਤਵ ਹੈ। ਪਿੰਡਾਂ ਦੀ ਡਿਵੈਲਪਮੈਂਟ ਲਈ ਜੋ ਵਾਅਦੇ ਕੀਤੇ ਜਾਣਗੇ ਉਹ ਪਹਿਲ ਦੇ ਆਧਾਰ ਤੇ ਪੂਰੇ ਕੀਤੇ ਜਾਣਗੇ। ਇਸ ਮੌਕੇ ਪਿੰਡ ਵਾਸੀਆਂ ਨੇ ਧੰਨਵਾਦ ਕੀਤਾ।

ਪੰਜਾਬ ਸਰਕਾਰ ਅਤੇ ਕੇਂਦਰ ਸਰਕਾਰ ਸਾਰੇ ਤੰਤ ਤੇ ਹੜ੍ਹ ਪੀੜਤਾਂ ਨੂੰ ਹਰ ਤਰ੍ਹਾਂ ਦੀ ਮਦਦ ਨੂੰ ਯਕੀਨੀ ਬਣਾਉਣ-ਕਰਨੈਲ ਸਿੰਘ ਪੀਰ ਮੁਹੰਮਦ

ਫ਼ਰੀਦਕੋਟ, 28 ਅਗਸਤ (ਹਰਦੀਪ ਸਿੰਘ): ਪੰਜਾਬ ਦੇ ਕਈ ਜ਼ਿਲ੍ਹਿਆਂ ਵਿੱਚ ਹੜ੍ਹਾਂ ਕਾਰਨ ਪੈਦਾ ਹੋਈ ਸਥਿਤੀ ਵਿੱਚ ਸਰਕਾਰਾਂ ਨੂੰ ਪੀੜਤਾਂ ਦੀ ਮਦਦ ਲਈ ਤੁਰੰਤ ਕਦਮ ਚੁੱਕਣੇ ਚਾਹੀਦੇ ਹਨ। ਕਿਸਾਨਾਂ ਦੀਆਂ ਫ਼ਸਲਾਂ ਦਾ ਭਾਰੀ ਨੁਕਸਾਨ ਹੋਇਆ ਹੈ ਅਤੇ ਉਨ੍ਹਾਂ ਨੂੰ ਮੁਆਵਜ਼ਾ ਦਿੱਤਾ ਜਾਣਾ ਚਾਹੀਦਾ ਹੈ।

Public Notice
That Sh. Manjinder Kumar S/o Sh. Harbans Lal, (Hereinafter referred to as the Mortgagor) is owner of property measuring 13 Biswa 04 Biswansi (260 Sq. Yards), in Khewat/Khatoni no. 302/1091, comprised under Khasra No. 17//8 (4-0), 12/3(2-15) situated at village Shabajpur, Hadbast No. 218, M.C. Lalru, Tehsil Derabassi, Distt. S.A.S. Nagar, Mohali, Punjab. That Mortgagor has agreed to create mortgage in favour of my client HDFC Bank. Any person having any claim or right in respect of the said property may submit it within 7 days.
Ashish Goel (Lamp), Associates, #2931, Sector 35, Panchkula.
Public Notice
ਮੈਂ ਕਮਲਜੀਤ ਸਿੰਘ ਪੁੱਤਰ ਗੁਰਮੀਤ ਸਿੰਘ ਵਾਸੀ ਪਿੰਡ ਰਾਮਪੁਰ, ਤਹਿਸੀਲ ਨਿਹਾਲ ਸਿੰਘ ਵਾਲਾ, ਜ਼ਿਲ੍ਹਾ ਮੋਗਾ ਬਿਆਨ ਕਰਦਾ ਹਾਂ ਕਿ ਮੇਰੀ ਜ਼ਮੀਨ ਦੇ ਕਾਗਜ਼ਾਤ ਗੁੰਮ ਹੋ ਗਏ ਹਨ। ਜਿਸ ਕਿਸੇ ਨੂੰ ਮਿਲਣ ਉਹ ਸੰਪਰਕ ਕਰੇ। ਮੋਬਾ: 98765-43210
ਅਦਾਲਤੀ ਇਸ਼ਤਿਹਾਰ
ਬ-ਅਦਾਲਤ ਸ਼੍ਰੀ ਮਾਨ ਸਿਵਲ ਜੱਜ ਸੀਨੀਅਰ ਡਵੀਜ਼ਨ, ਲੁਧਿਆਣਾ। ਕੇਸ ਨੰਬਰ 268 ਅਗਲੀ ਤਾਰੀਖ 11-09-2025. ਹਰਪ੍ਰੀਤ ਸਿੰਘ ਬਨਾਮ ਗੁਰਪ੍ਰੀਤ ਕੌਰ. ਜਿਸ ਕਿਸੇ ਨੂੰ ਇਤਰਾਜ਼ ਹੋਵੇ ਉਹ ਮਿਤੀ ਨੂੰ ਅਦਾਲਤ ਵਿੱਚ ਹਾਜ਼ਰ ਹੋਵੇ।
Boli Suchna
ਹਰ ਆਮ ਅਤੇ ਖਾਸ ਨੂੰ ਸੂਚਿਤ ਕੀਤਾ ਜਾਂਦਾ ਹੈ ਕਿ ਗ੍ਰਾਮ ਪੰਚਾਇਤ ਬਹਿਰਾਮਪੁਰ ਜ਼ਿਮੀਦਾਰਾਂ, ਜ਼ਿਲ੍ਹਾ ਐਸ.ਏ.ਐਸ. ਨਗਰ ਵਿਖੇ ਪੰਚਾਇਤੀ ਜ਼ਮੀਨ ਦੀ ਬੋਲੀ ਮਿਤੀ 05-09-2025 ਨੂੰ ਸਵੇਰੇ 11 ਵਜੇ ਕੀਤੀ ਜਾਵੇਗੀ।
ਇਸ਼ਤਿਹਾਰਾਂ ਸੰਬੰਧੀ ਜ਼ਰੂਰੀ ਬੇਨਤੀ
'ਅਦਾਰਾ ਹੱਕ ਸੱਚ ਦਾ ਪਹਿਰੇਦਾਰ' ਅਖ਼ਬਾਰ ਵਿੱਚ ਛਪੇ ਇਸ਼ਤਿਹਾਰਾਂ ਸੰਬੰਧੀ ਕੋਈ ਵੀ ਜ਼ਿੰਮੇਵਾਰੀ ਨਹੀਂ ਲੈਂਦਾ। ਪਾਠਕਾਂ ਨੂੰ ਬੇਨਤੀ ਹੈ ਕਿ ਉਹ ਇਸ਼ਤਿਹਾਰਾਂ ਦੀ ਸੱਚਾਈ ਆਪਣੇ ਪੱਧਰ 'ਤੇ ਜਾਂਚ ਲੈਣ।
ਮੈਨੇਜਰ
Public Notice
ਬ-ਅਦਾਲਤ ਸ੍ਰੀ ਮਾਨ ਸਿਵਲ ਜੱਜ ਸੀਨੀਅਰ ਡਵੀਜ਼ਨ, ਪਟਿਆਲਾ। ਮਾਮਲਾ ਨੰਬਰ 279 ਅਗਲੀ ਪੇਸ਼ੀ 29/09/2025 ਵਿਰਾਸਤ ਸਰਟੀਫਿਕੇਟ ਬਾਰੇ। ਜਿਸ ਕਿਸੇ ਨੂੰ ਇਤਰਾਜ਼ ਹੋਵੇ ਉਹ ਅਦਾਲਤ ਵਿੱਚ ਹਾਜ਼ਰ ਹੋਵੇ।
Public Notice
ਬ-ਅਦਾਲਤ ਸ੍ਰੀ ਮਾਨ ਸਿਵਲ ਜੱਜ ਜੂਨੀਅਰ ਡਵੀਜ਼ਨ, ਮੋਹਾਲੀ। ਮਾਮਲਾ ਨੰਬਰ 1026, ਪੇਸ਼ੀ 15-09-2025. ਜਸਵਿੰਦਰ ਕੌਰ ਬਨਾਮ ਆਮ ਜਨਤਾ। ਜਨਮ ਸਰਟੀਫਿਕੇਟ ਵਿੱਚ ਨਾਮ ਦਰੁਸਤ ਕਰਨ ਬਾਰੇ।
Public Notice
ਮੈਂ ਗੁਰਜੀਤ ਸਿੰਘ ਵਾਸੀ ਪਿੰਡ ਸਿੰਘਪੁਰਾ ਬਿਆਨ ਕਰਦਾ ਹਾਂ ਕਿ ਮੇਰਾ ਪਾਸਪੋਰਟ ਗੁੰਮ ਹੋ ਗਿਆ ਹੈ। ਲੱਭਣ ਵਾਲਾ ਸੰਪਰਕ ਕਰੇ।
ਪਬਲਿਕ ਨੋਟਿਸ
In the Court of Sh. Gaurav Dutta, Civil Judge Junior Division, Ludhiana. Case No. 275. Next date 27/08/2025. Any person having objection may appear before the court on the said date.
ਬੇਦਖਲੀ ਰੱਦ

❖ ਮੈਂ ਸੰਦੀਪ ਸਿੰਘ ਪਤਨੀ ਬਲਜਿੰਦਰ ਸਿੰਘ ਵਾਸੀ ਮਕਾਨ ਨੰਬਰ 1251/2ਸੀ/450 ਗਲੀ ਨੰਬਰ 1 ਵਾਸੀ ਰਤਨ ਨਗਰ ਬਿਆਨ ਕਰਦਾ ਹਾਂ ਕਿ ਮੇਰੇ ਵੱਲੋਂ ਕੀਤੀ ਗਈ ਬੇਦਖਲੀ ਰੱਦ ਕੀਤੀ ਜਾਂਦੀ ਹੈ। 7171

ਨਾਂ ਬਦਲੀ

❖ I, Vikramjeet Singh alias Vicky Pawan Soni S/o Pawan Preet Singh R/O H. No. 207 Street no 2 New Deuent Public School Ghumman Estate Meharban P.O. Basti Jodhewal Ludhiana Punjab 141007 have changed my name to Vikramjeet Singh.

❖ I, Ravinder Singh Rawat S/O Gaje Singh R/O H.No. 23/2 Ambedkar Nagar 33 Futta Road Giaspura, Near Ambedkar Public School Lohara Ludhiana declare that my father two names Gaje Singh and Gajesh Singh both names are one and same person.

❖ I, Arpita Pramanik S/O Arun Kumar R/O H.No. 458/4/2 Street no 01, Guru Teg Bahadur Nagar Giaspura, Lohara Ludhiana declare that my mother two names Kajal Pramanik and Kajol Pramanik both names are one and same person.

❖ I, Jaswinder Singh Grewal S/O Bachan Singh R/O Assi Kalan P.O Assi Kalan Ludhiana changed my name to Jaswinder Singh.

ਇਸ਼ਤਿਹਾਰ ਅਤੇ ਕਲਾਸੀਫਾਈਡ ਕੇਵਲ ਅਦਾਰਾ 'ਪਹਿਰੇਦਾਰ' ਦੀ ਈ-ਮੇਲ	rozanapehredaradvt@gmail.com 'ਤੇ ਹੀ ਭੇਜੇ ਜਾਣ।
